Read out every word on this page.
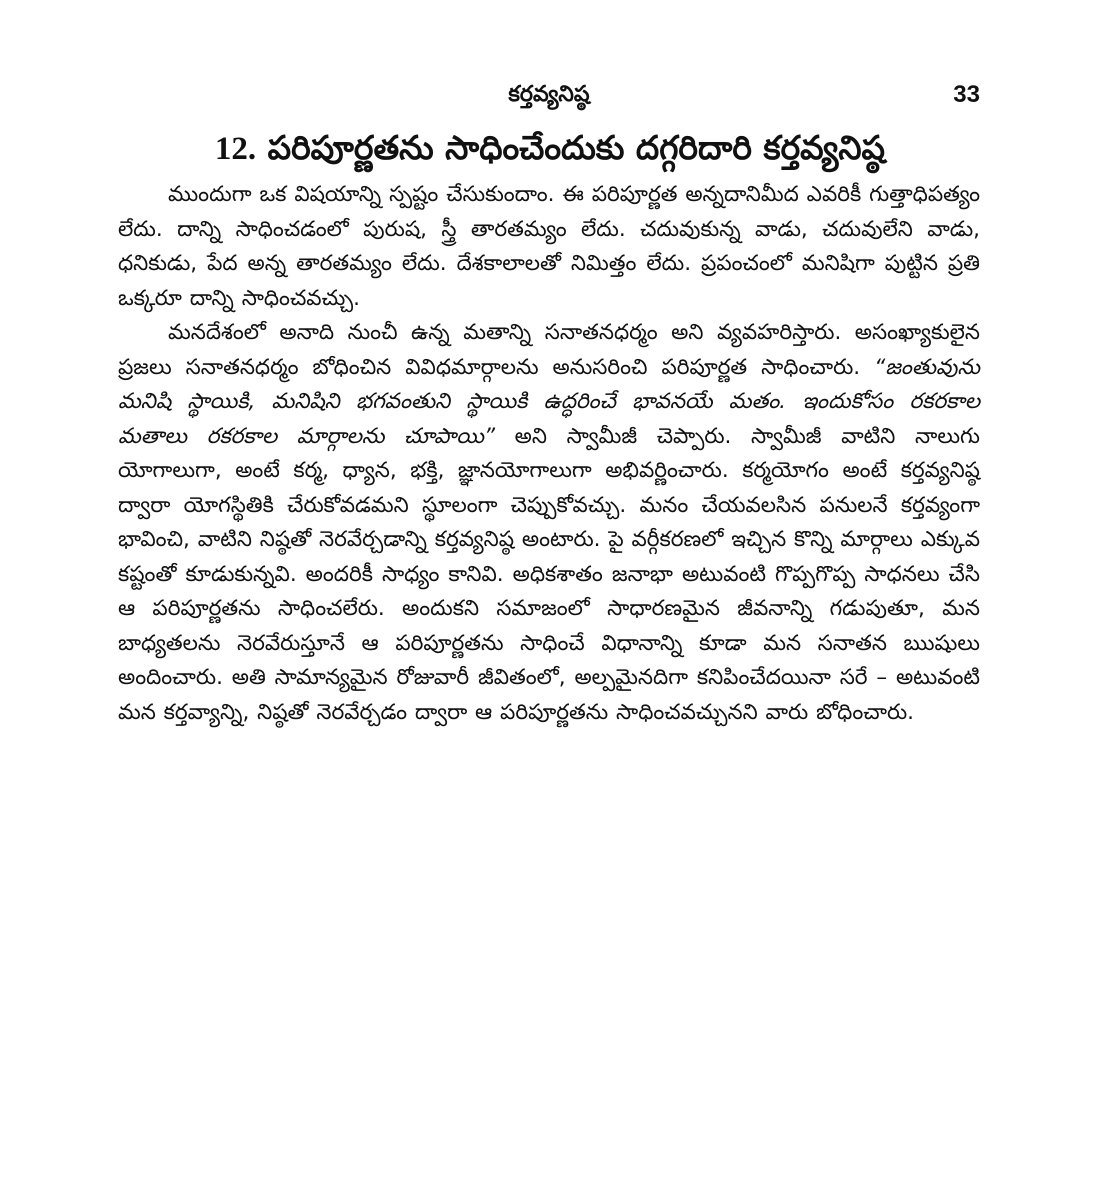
కర్తవ్యనిష్ఠ	33
12. పరిపూర్ణతను సాధించేందుకు దగ్గరిదారి కర్తవ్యనిష్ఠ

ముందుగా ఒక విషయాన్ని స్పష్టం చేసుకుందాం. ఈ పరిపూర్ణత అన్నదానిమీద ఎవరికీ గుత్తాధిపత్యం లేదు. దాన్ని సాధించడంలో పురుష, స్త్రీ తారతమ్యం లేదు. చదువుకున్న వాడు, చదువులేని వాడు, ధనికుడు, పేద అన్న తారతమ్యం లేదు. దేశకాలాలతో నిమిత్తం లేదు. ప్రపంచంలో మనిషిగా పుట్టిన ప్రతి ఒక్కరూ దాన్ని సాధించవచ్చు.

మనదేశంలో అనాది నుంచీ ఉన్న మతాన్ని సనాతనధర్మం అని వ్యవహరిస్తారు. అసంఖ్యాకులైన ప్రజలు సనాతనధర్మం బోధించిన వివిధమార్గాలను అనుసరించి పరిపూర్ణత సాధించారు. “జంతువును మనిషి స్థాయికి, మనిషిని భగవంతుని స్థాయికి ఉద్ధరించే భావనయే మతం. ఇందుకోసం రకరకాల మతాలు రకరకాల మార్గాలను చూపాయి” అని స్వామీజీ చెప్పారు. స్వామీజీ వాటిని నాలుగు యోగాలుగా, అంటే కర్మ, ధ్యాన, భక్తి, జ్ఞానయోగాలుగా అభివర్ణించారు. కర్మయోగం అంటే కర్తవ్యనిష్ఠ ద్వారా యోగస్థితికి చేరుకోవడమని స్థూలంగా చెప్పుకోవచ్చు. మనం చేయవలసిన పనులనే కర్తవ్యంగా భావించి, వాటిని నిష్ఠతో నెరవేర్చడాన్ని కర్తవ్యనిష్ఠ అంటారు. పై వర్గీకరణలో ఇచ్చిన కొన్ని మార్గాలు ఎక్కువ కష్టంతో కూడుకున్నవి. అందరికీ సాధ్యం కానివి. అధికశాతం జనాభా అటువంటి గొప్పగొప్ప సాధనలు చేసి ఆ పరిపూర్ణతను సాధించలేరు. అందుకని సమాజంలో సాధారణమైన జీవనాన్ని గడుపుతూ, మన బాధ్యతలను నెరవేరుస్తూనే ఆ పరిపూర్ణతను సాధించే విధానాన్ని కూడా మన సనాతన ఋషులు అందించారు. అతి సామాన్యమైన రోజువారీ జీవితంలో, అల్పమైనదిగా కనిపించేదయినా సరే – అటువంటి మన కర్తవ్యాన్ని, నిష్ఠతో నెరవేర్చడం ద్వారా ఆ పరిపూర్ణతను సాధించవచ్చునని వారు బోధించారు.
